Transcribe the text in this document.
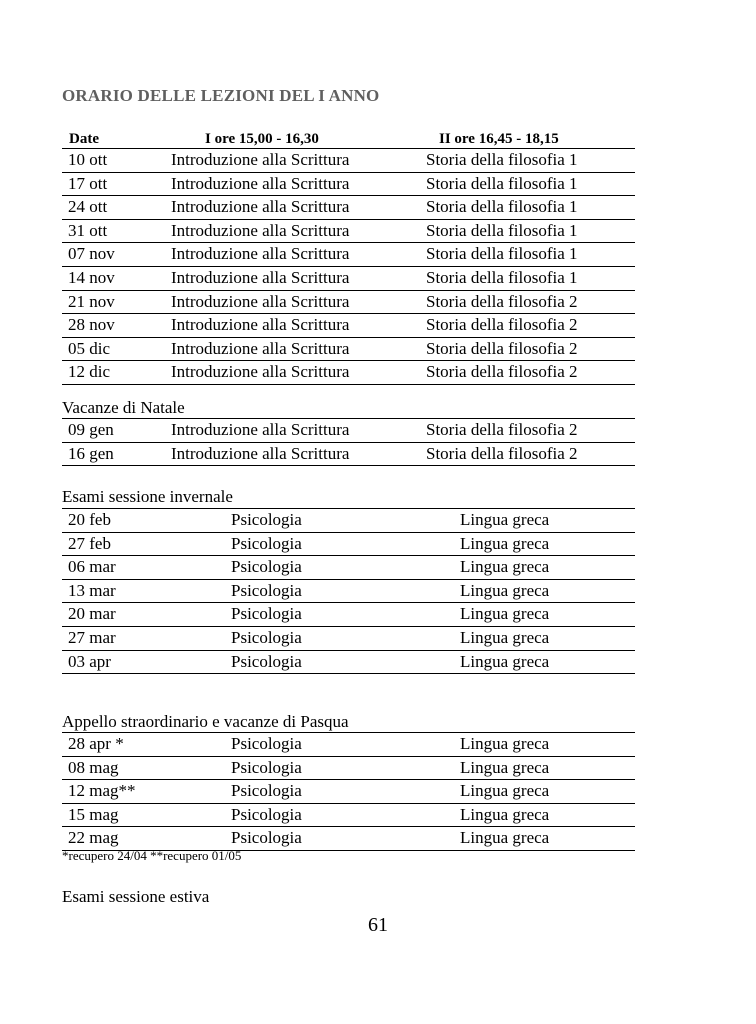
ORARIO DELLE LEZIONI DEL I ANNO
Date	I ore 15,00 - 16,30	II ore 16,45 - 18,15
10 ott	Introduzione alla Scrittura	Storia della filosofia 1
17 ott	Introduzione alla Scrittura	Storia della filosofia 1
24 ott	Introduzione alla Scrittura	Storia della filosofia 1
31 ott	Introduzione alla Scrittura	Storia della filosofia 1
07 nov	Introduzione alla Scrittura	Storia della filosofia 1
14 nov	Introduzione alla Scrittura	Storia della filosofia 1
21 nov	Introduzione alla Scrittura	Storia della filosofia 2
28 nov	Introduzione alla Scrittura	Storia della filosofia 2
05 dic	Introduzione alla Scrittura	Storia della filosofia 2
12 dic	Introduzione alla Scrittura	Storia della filosofia 2
Vacanze di Natale
09 gen	Introduzione alla Scrittura	Storia della filosofia 2
16 gen	Introduzione alla Scrittura	Storia della filosofia 2
Esami sessione invernale
20 feb	Psicologia	Lingua greca
27 feb	Psicologia	Lingua greca
06 mar	Psicologia	Lingua greca
13 mar	Psicologia	Lingua greca
20 mar	Psicologia	Lingua greca
27 mar	Psicologia	Lingua greca
03 apr	Psicologia	Lingua greca
Appello straordinario e vacanze di Pasqua
28 apr *	Psicologia	Lingua greca
08 mag	Psicologia	Lingua greca
12 mag**	Psicologia	Lingua greca
15 mag	Psicologia	Lingua greca
22 mag	Psicologia	Lingua greca
*recupero 24/04 **recupero 01/05
Esami sessione estiva
61
